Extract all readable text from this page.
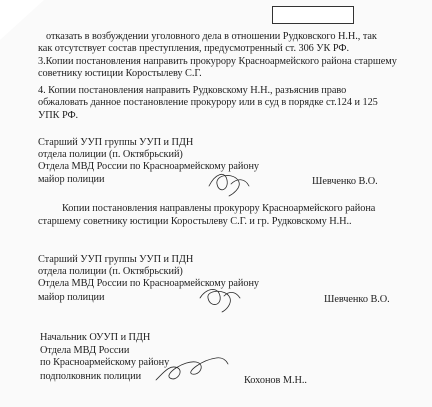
отказать в возбуждении уголовного дела в отношении Рудковского Н.Н., так
как отсутствует состав преступления, предусмотренный ст. 306 УК РФ.
3.Копии постановления направить прокурору Красноармейского района старшему
советнику юстиции Коростылеву С.Г.
4. Копии постановления направить Рудковскому Н.Н., разъяснив право
обжаловать данное постановление прокурору или в суд в порядке ст.124 и 125
УПК РФ.
Старший УУП группы УУП и ПДН
отдела полиции (п. Октябрьский)
Отдела МВД России по Красноармейскому району
майор полиции	Шевченко В.О.
Копии постановления направлены прокурору Красноармейского района
старшему советнику юстиции Коростылеву С.Г. и гр. Рудковскому Н.Н..
Старший УУП группы УУП и ПДН
отдела полиции (п. Октябрьский)
Отдела МВД России по Красноармейскому району
майор полиции	Шевченко В.О.
Начальник ОУУП и ПДН
Отдела МВД России
по Красноармейскому району
подполковник полиции	Кохонов М.Н..
